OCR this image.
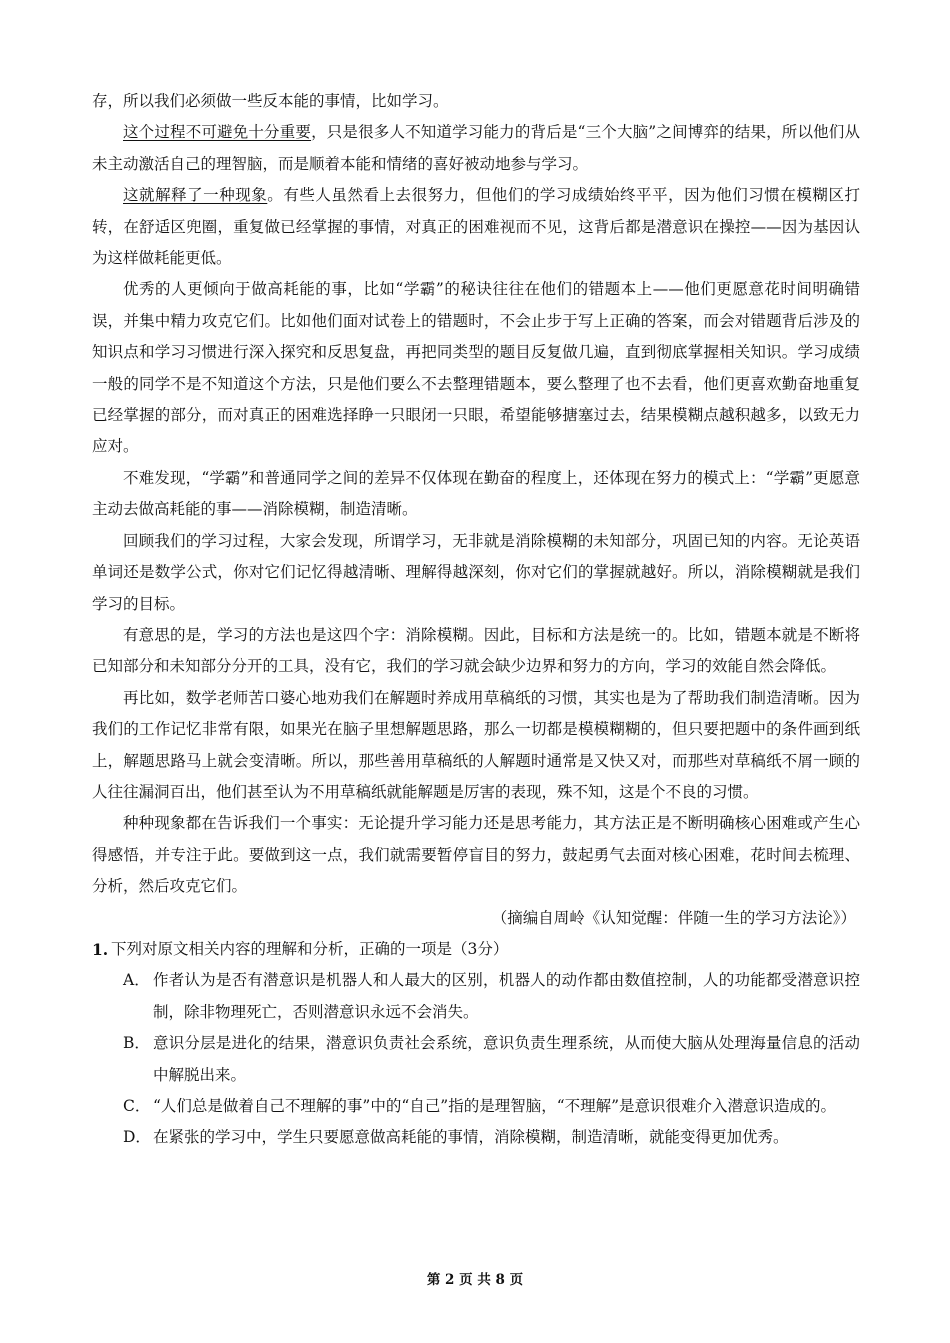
存，所以我们必须做一些反本能的事情，比如学习。

这个过程不可避免十分重要，只是很多人不知道学习能力的背后是“三个大脑”之间博弈的结果，所以他们从未主动激活自己的理智脑，而是顺着本能和情绪的喜好被动地参与学习。

这就解释了一种现象。有些人虽然看上去很努力，但他们的学习成绩始终平平，因为他们习惯在模糊区打转，在舒适区兜圈，重复做已经掌握的事情，对真正的困难视而不见，这背后都是潜意识在操控——因为基因认为这样做耗能更低。

优秀的人更倾向于做高耗能的事，比如“学霸”的秘诀往往在他们的错题本上——他们更愿意花时间明确错误，并集中精力攻克它们。比如他们面对试卷上的错题时，不会止步于写上正确的答案，而会对错题背后涉及的知识点和学习习惯进行深入探究和反思复盘，再把同类型的题目反复做几遍，直到彻底掌握相关知识。学习成绩一般的同学不是不知道这个方法，只是他们要么不去整理错题本，要么整理了也不去看，他们更喜欢勤奋地重复已经掌握的部分，而对真正的困难选择睁一只眼闭一只眼，希望能够搪塞过去，结果模糊点越积越多，以致无力应对。

不难发现，“学霸”和普通同学之间的差异不仅体现在勤奋的程度上，还体现在努力的模式上：“学霸”更愿意主动去做高耗能的事——消除模糊，制造清晰。

回顾我们的学习过程，大家会发现，所谓学习，无非就是消除模糊的未知部分，巩固已知的内容。无论英语单词还是数学公式，你对它们记忆得越清晰、理解得越深刻，你对它们的掌握就越好。所以，消除模糊就是我们学习的目标。

有意思的是，学习的方法也是这四个字：消除模糊。因此，目标和方法是统一的。比如，错题本就是不断将已知部分和未知部分分开的工具，没有它，我们的学习就会缺少边界和努力的方向，学习的效能自然会降低。

再比如，数学老师苦口婆心地劝我们在解题时养成用草稿纸的习惯，其实也是为了帮助我们制造清晰。因为我们的工作记忆非常有限，如果光在脑子里想解题思路，那么一切都是模模糊糊的，但只要把题中的条件画到纸上，解题思路马上就会变清晰。所以，那些善用草稿纸的人解题时通常是又快又对，而那些对草稿纸不屑一顾的人往往漏洞百出，他们甚至认为不用草稿纸就能解题是厉害的表现，殊不知，这是个不良的习惯。

种种现象都在告诉我们一个事实：无论提升学习能力还是思考能力，其方法正是不断明确核心困难或产生心得感悟，并专注于此。要做到这一点，我们就需要暂停盲目的努力，鼓起勇气去面对核心困难，花时间去梳理、分析，然后攻克它们。

（摘编自周岭《认知觉醒：伴随一生的学习方法论》）

1. 下列对原文相关内容的理解和分析，正确的一项是（3分）

A． 作者认为是否有潜意识是机器人和人最大的区别，机器人的动作都由数值控制，人的功能都受潜意识控制，除非物理死亡，否则潜意识永远不会消失。

B． 意识分层是进化的结果，潜意识负责社会系统，意识负责生理系统，从而使大脑从处理海量信息的活动中解脱出来。

C． “人们总是做着自己不理解的事”中的“自己”指的是理智脑，“不理解”是意识很难介入潜意识造成的。

D． 在紧张的学习中，学生只要愿意做高耗能的事情，消除模糊，制造清晰，就能变得更加优秀。

第 2 页 共 8 页
